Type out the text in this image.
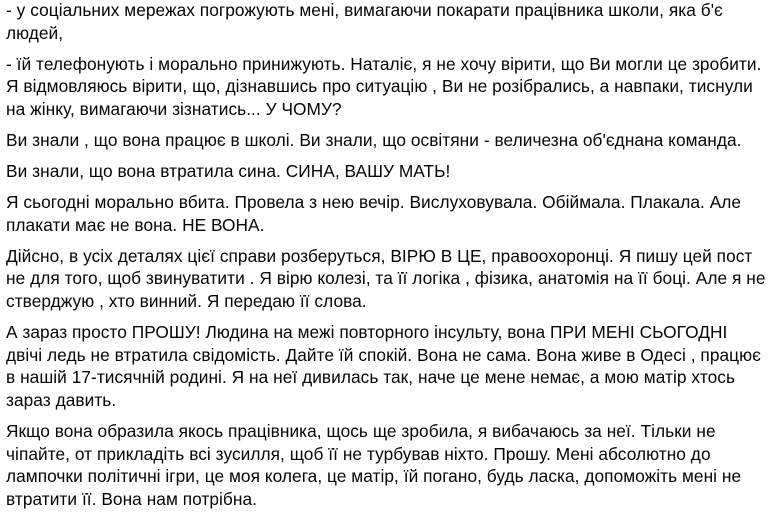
- у соціальних мережах погрожують мені, вимагаючи покарати працівника школи, яка б'є
людей,
- їй телефонують і морально принижують. Наталіє, я не хочу вірити, що Ви могли це зробити.
Я відмовляюсь вірити, що, дізнавшись про ситуацію , Ви не розібрались, а навпаки, тиснули
на жінку, вимагаючи зізнатись... У ЧОМУ?
Ви знали , що вона працює в школі. Ви знали, що освітяни - величезна об'єднана команда.
Ви знали, що вона втратила сина. СИНА, ВАШУ МАТЬ!
Я сьогодні морально вбита. Провела з нею вечір. Вислуховувала. Обіймала. Плакала. Але
плакати має не вона. НЕ ВОНА.
Дійсно, в усіх деталях цієї справи розберуться, ВІРЮ В ЦЕ, правоохоронці. Я пишу цей пост
не для того, щоб звинуватити . Я вірю колезі, та її логіка , фізика, анатомія на її боці. Але я не
стверджую , хто винний. Я передаю її слова.
А зараз просто ПРОШУ! Людина на межі повторного інсульту, вона ПРИ МЕНІ СЬОГОДНІ
двічі ледь не втратила свідомість. Дайте їй спокій. Вона не сама. Вона живе в Одесі , працює
в нашій 17-тисячній родині. Я на неї дивилась так, наче це мене немає, а мою матір хтось
зараз давить.
Якщо вона образила якось працівника, щось ще зробила, я вибачаюсь за неї. Тільки не
чіпайте, от прикладіть всі зусилля, щоб її не турбував ніхто. Прошу. Мені абсолютно до
лампочки політичні ігри, це моя колега, це матір, їй погано, будь ласка, допоможіть мені не
втратити її. Вона нам потрібна.
